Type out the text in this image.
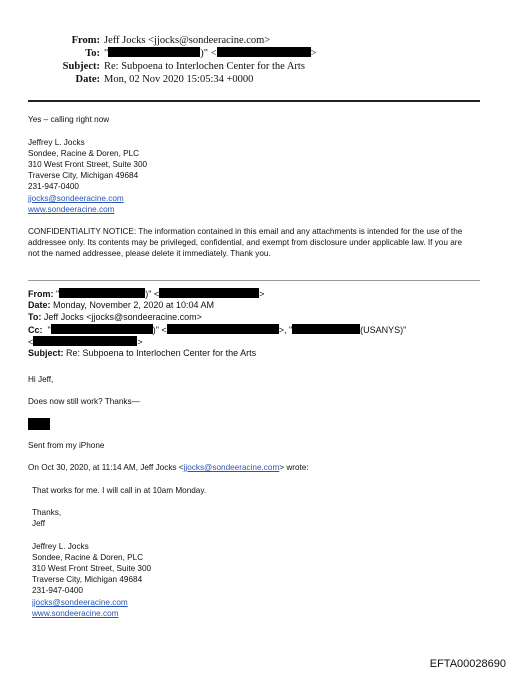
From: Jeff Jocks <jjocks@sondeeracine.com>
To: "	)" <	>
Subject: Re: Subpoena to Interlochen Center for the Arts
Date: Mon, 02 Nov 2020 15:05:34 +0000
Yes – calling right now
Jeffrey L. Jocks
Sondee, Racine & Doren, PLC
310 West Front Street, Suite 300
Traverse City, Michigan 49684
231-947-0400
jjocks@sondeeracine.com
www.sondeeracine.com
CONFIDENTIALITY NOTICE: The information contained in this email and any attachments is intended for the use of the
addressee only. Its contents may be privileged, confidential, and exempt from disclosure under applicable law. If you are
not the named addressee, please delete it immediately. Thank you.
From: "	)" <	>
Date: Monday, November 2, 2020 at 10:04 AM
To: Jeff Jocks <jjocks@sondeeracine.com>
Cc: "	)" <	>, "	(USANYS)"
<	>
Subject: Re: Subpoena to Interlochen Center for the Arts
Hi Jeff,
Does now still work? Thanks—
Sent from my iPhone
On Oct 30, 2020, at 11:14 AM, Jeff Jocks <jjocks@sondeeracine.com> wrote:
That works for me. I will call in at 10am Monday.
Thanks,
Jeff
Jeffrey L. Jocks
Sondee, Racine & Doren, PLC
310 West Front Street, Suite 300
Traverse City, Michigan 49684
231-947-0400
jjocks@sondeeracine.com
www.sondeeracine.com
EFTA00028690
